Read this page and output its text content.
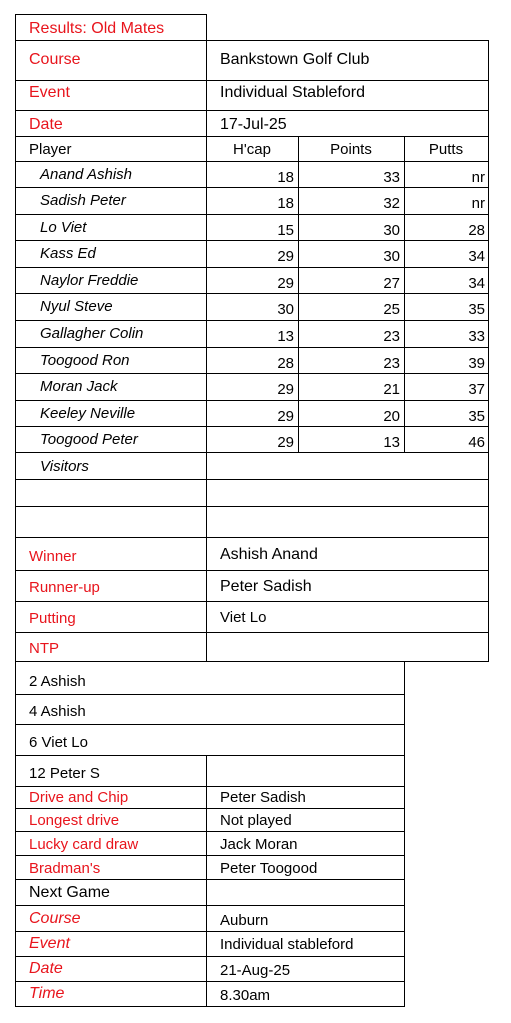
Results: Old Mates
Course	Bankstown Golf Club
Event	Individual Stableford
Date	17-Jul-25
Player	H'cap	Points	Putts
Anand Ashish	18	33	nr
Sadish Peter	18	32	nr
Lo Viet	15	30	28
Kass Ed	29	30	34
Naylor Freddie	29	27	34
Nyul Steve	30	25	35
Gallagher Colin	13	23	33
Toogood Ron	28	23	39
Moran Jack	29	21	37
Keeley Neville	29	20	35
Toogood Peter	29	13	46
Visitors
Winner	Ashish Anand
Runner-up	Peter Sadish
Putting	Viet Lo
NTP
2 Ashish
4 Ashish
6 Viet Lo
12 Peter S
Drive and Chip	Peter Sadish
Longest drive	Not played
Lucky card draw	Jack Moran
Bradman's	Peter Toogood
Next Game
Course	Auburn
Event	Individual stableford
Date	21-Aug-25
Time	8.30am
